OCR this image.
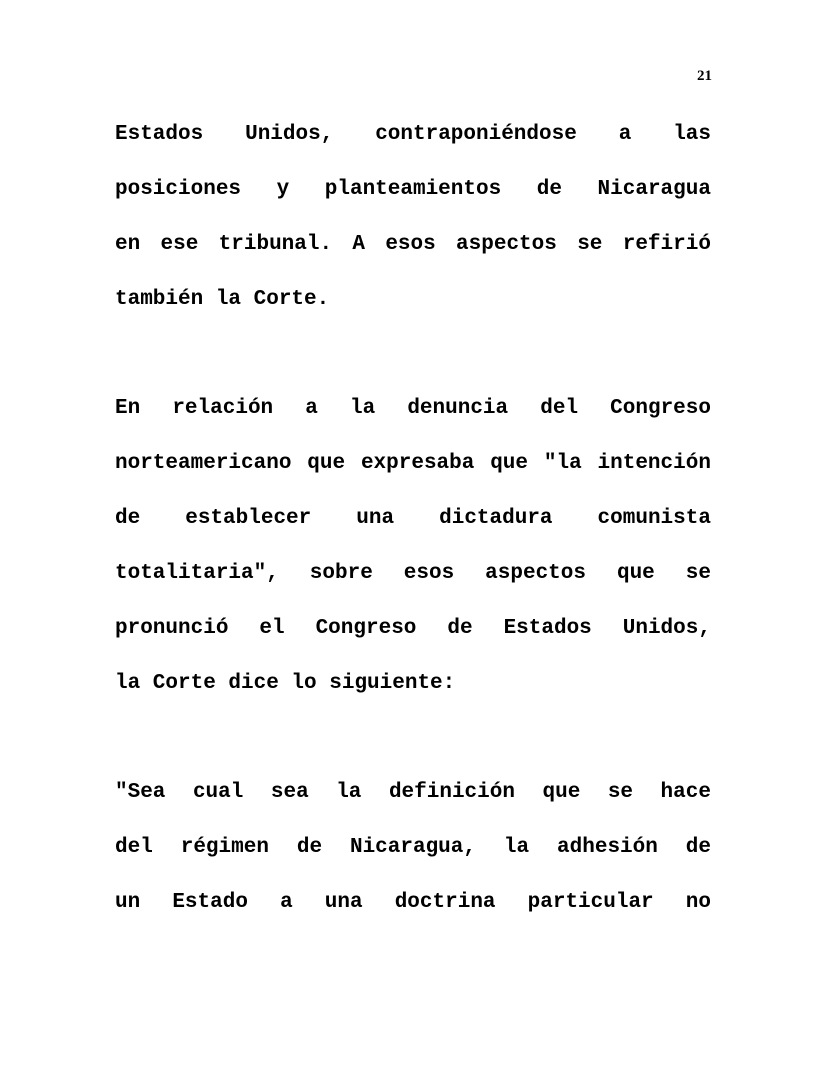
21
Estados Unidos, contraponiéndose a las
posiciones y planteamientos de Nicaragua
en ese tribunal. A esos aspectos se refirió
también la Corte.
En relación a la denuncia del Congreso
norteamericano que expresaba que "la intención
de establecer una dictadura comunista
totalitaria", sobre esos aspectos que se
pronunció el Congreso de Estados Unidos,
la Corte dice lo siguiente:
"Sea cual sea la definición que se hace
del régimen de Nicaragua, la adhesión de
un Estado a una doctrina particular no
